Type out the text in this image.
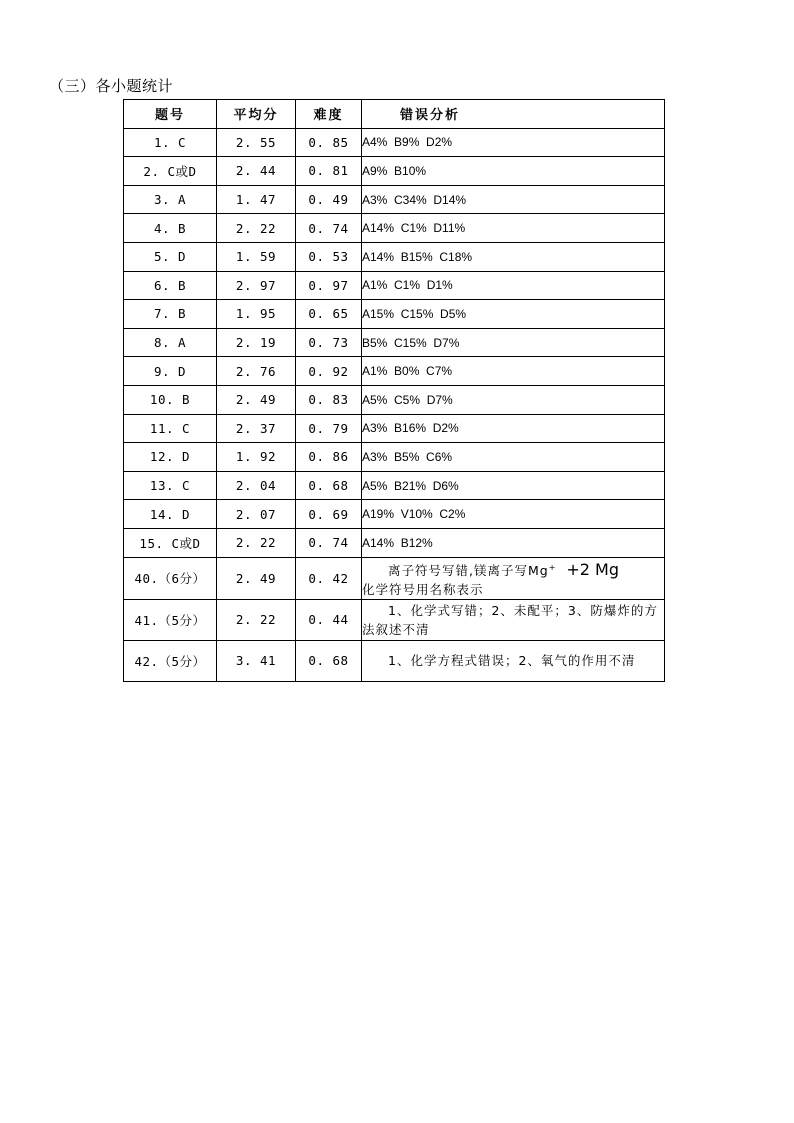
（三）各小题统计
题号	平均分	难度	错误分析
1. C	2. 55	0. 85	A4%  B9%  D2%
2. C或D	2. 44	0. 81	A9%  B10%
3. A	1. 47	0. 49	A3%  C34%  D14%
4. B	2. 22	0. 74	A14%  C1%  D11%
5. D	1. 59	0. 53	A14%  B15%  C18%
6. B	2. 97	0. 97	A1%  C1%  D1%
7. B	1. 95	0. 65	A15%  C15%  D5%
8. A	2. 19	0. 73	B5%  C15%  D7%
9. D	2. 76	0. 92	A1%  B0%  C7%
10. B	2. 49	0. 83	A5%  C5%  D7%
11. C	2. 37	0. 79	A3%  B16%  D2%
12. D	1. 92	0. 86	A3%  B5%  C6%
13. C	2. 04	0. 68	A5%  B21%  D6%
14. D	2. 07	0. 69	A19%  V10%  C2%
15. C或D	2. 22	0. 74	A14%  B12%
40.（6分）	2. 49	0. 42	离子符号写错,镁离子写Mg+ +2 Mg
化学符号用名称表示
41.（5分）	2. 22	0. 44	1、化学式写错；2、未配平；3、防爆炸的方法叙述不清
42.（5分）	3. 41	0. 68	1、化学方程式错误；2、氧气的作用不清
